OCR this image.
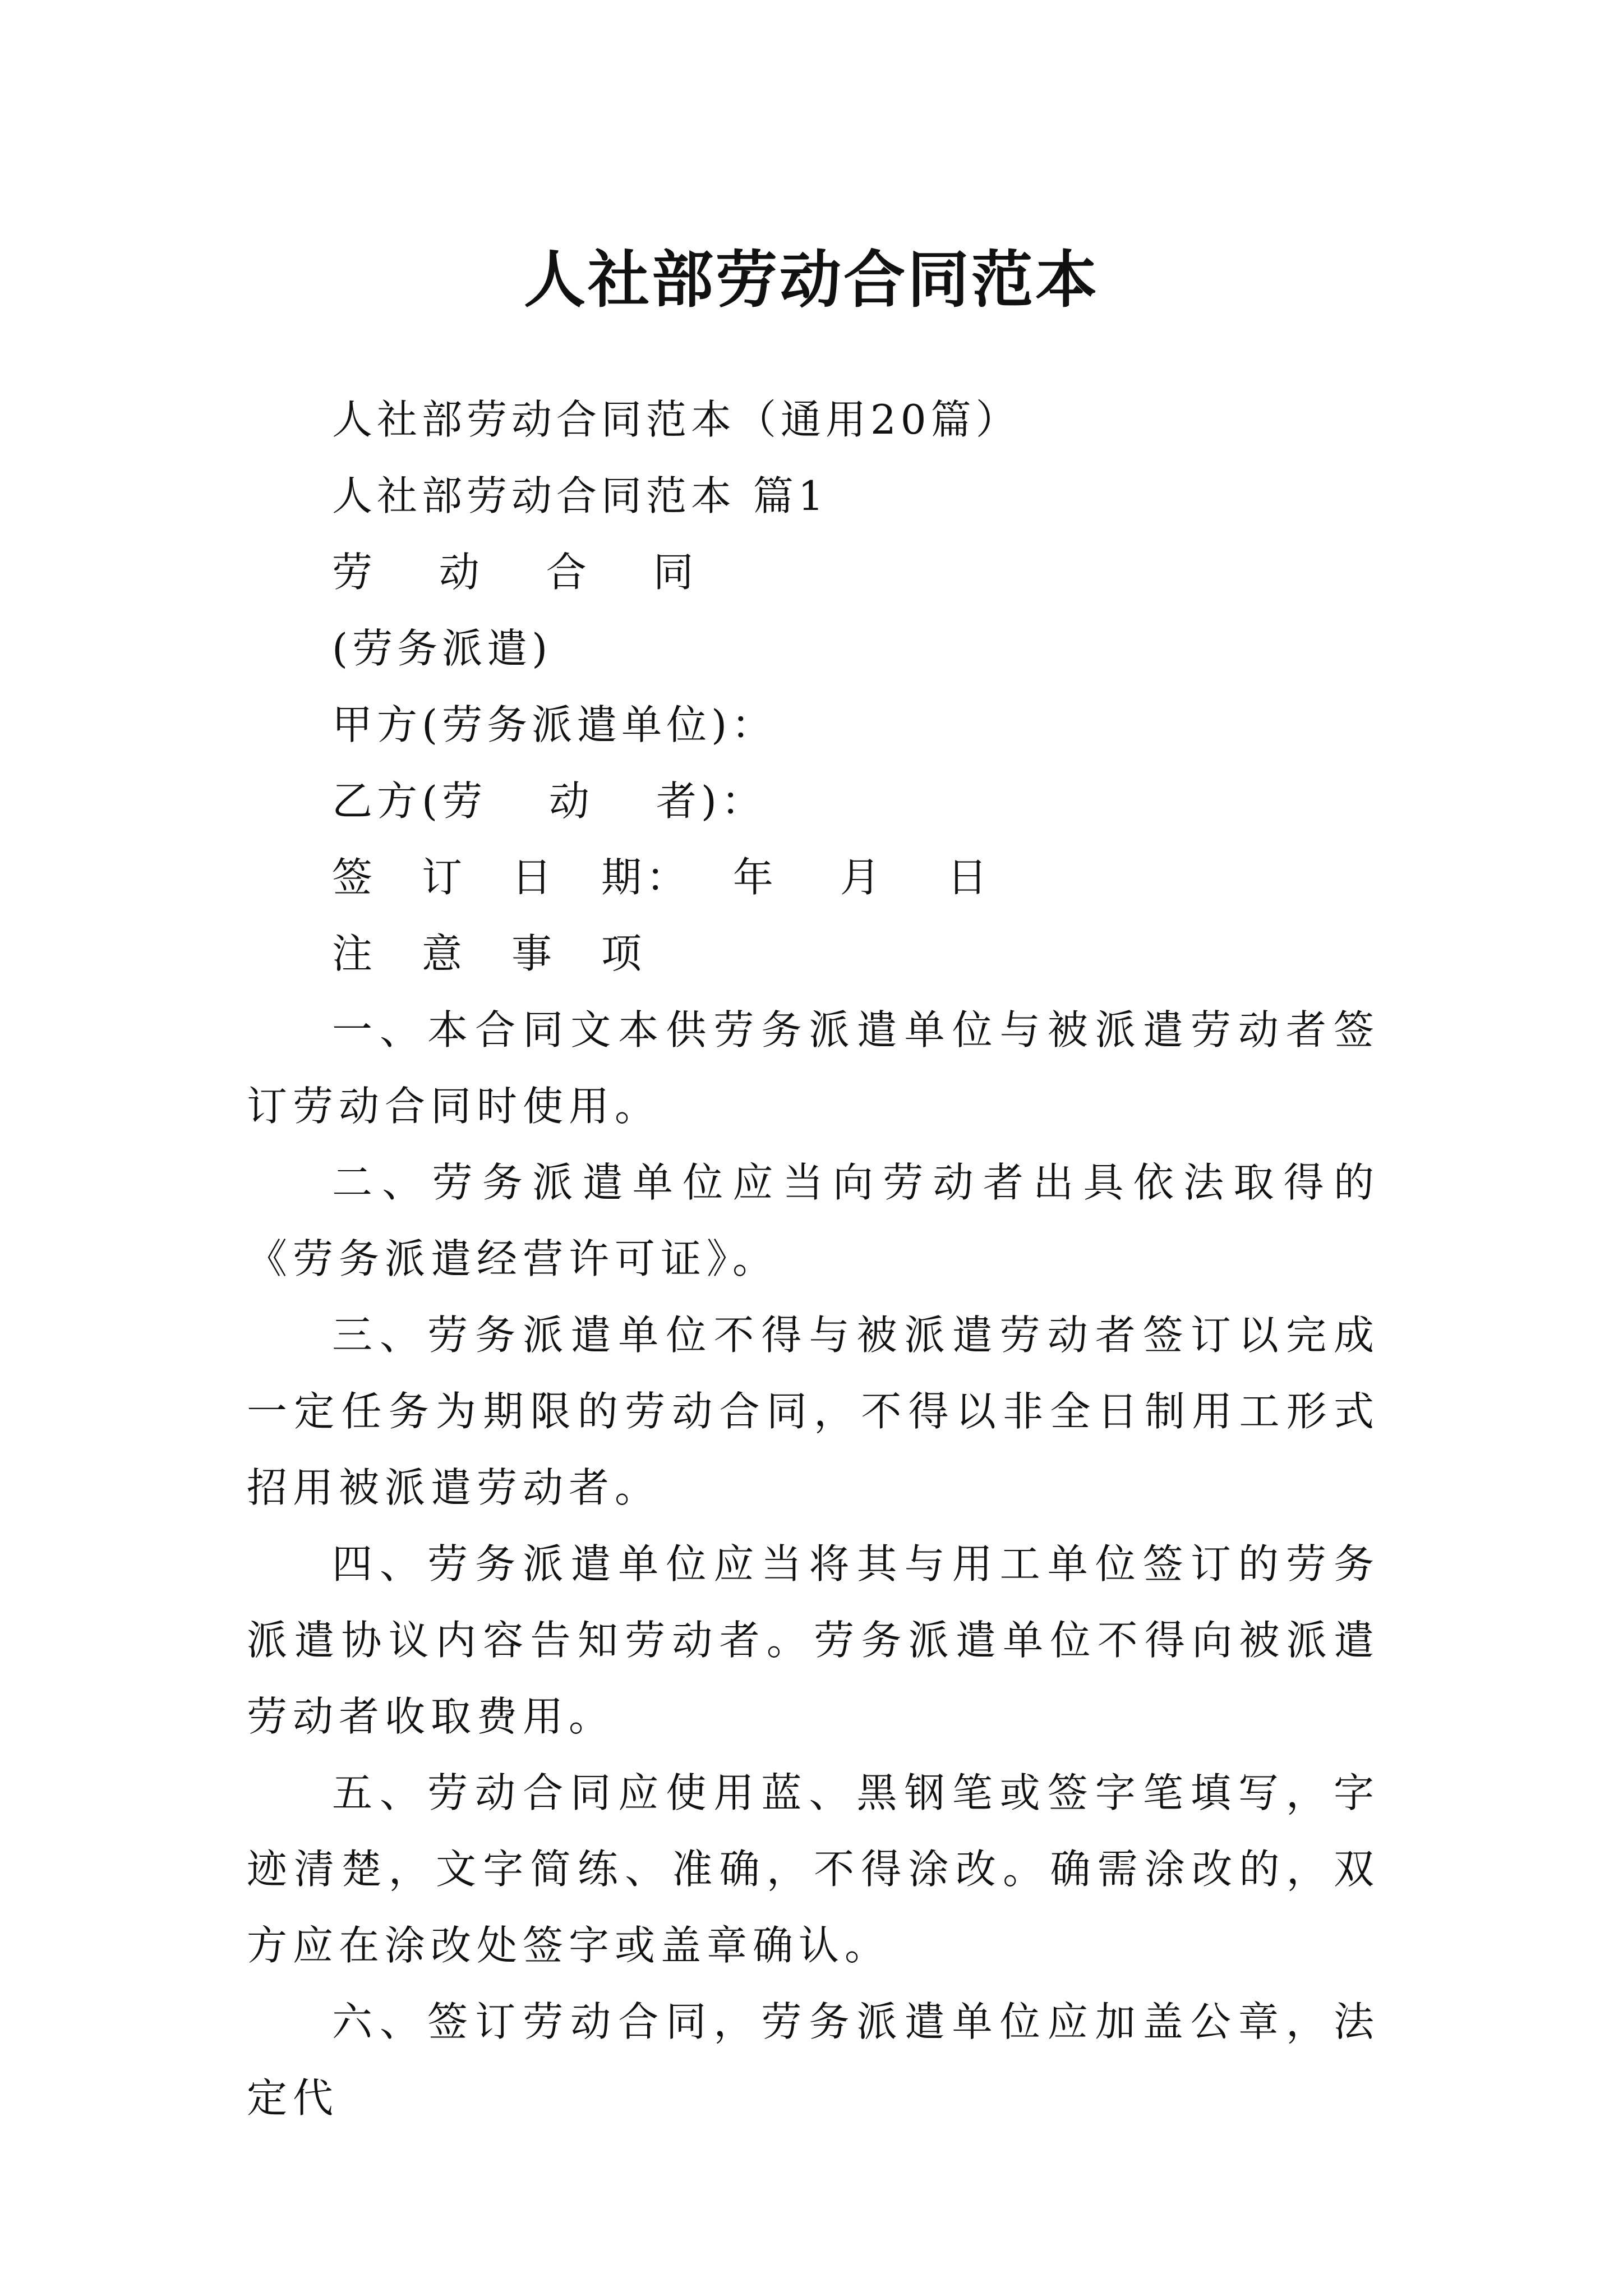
人社部劳动合同范本

人社部劳动合同范本（通用20篇）

人社部劳动合同范本 篇1

劳　 动 　合　 同

(劳务派遣)

甲方(劳务派遣单位)：

乙方(劳　 动　 者)：

签　订　日　期：　 年　 月　 日

注　意　事　项

一、本合同文本供劳务派遣单位与被派遣劳动者签订劳动合同时使用。

二、劳务派遣单位应当向劳动者出具依法取得的《劳务派遣经营许可证》。

三、劳务派遣单位不得与被派遣劳动者签订以完成一定任务为期限的劳动合同，不得以非全日制用工形式招用被派遣劳动者。

四、劳务派遣单位应当将其与用工单位签订的劳务派遣协议内容告知劳动者。劳务派遣单位不得向被派遣劳动者收取费用。

五、劳动合同应使用蓝、黑钢笔或签字笔填写，字迹清楚，文字简练、准确，不得涂改。确需涂改的，双方应在涂改处签字或盖章确认。

六、签订劳动合同，劳务派遣单位应加盖公章，法定代
